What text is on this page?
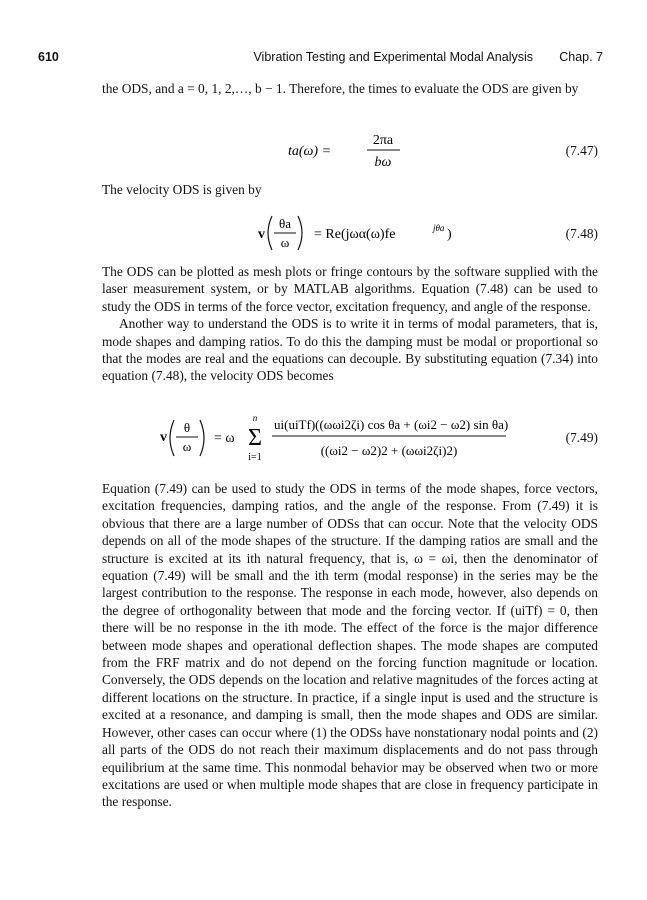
610	Vibration Testing and Experimental Modal Analysis Chap. 7

the ODS, and a = 0, 1, 2,…, b − 1. Therefore, the times to evaluate the ODS are given by

ta(ω) =
2πa
bω
(7.47)

The velocity ODS is given by

v
θa
ω
= Re(jωα(ω)fe	jθa )	(7.48)

The ODS can be plotted as mesh plots or fringe contours by the software supplied with the laser measurement system, or by MATLAB algorithms. Equation (7.48) can be used to study the ODS in terms of the force vector, excitation frequency, and angle of the response.

Another way to understand the ODS is to write it in terms of modal parameters, that is, mode shapes and damping ratios. To do this the damping must be modal or proportional so that the modes are real and the equations can decouple. By substituting equation (7.34) into equation (7.48), the velocity ODS becomes

v
θ
ω
= ω
n
Σ
i=1
ui(uiTf)((ωωi2ζi) cos θa + (ωi2 − ω2) sin θa)
((ωi2 − ω2)2 + (ωωi2ζi)2)
(7.49)

Equation (7.49) can be used to study the ODS in terms of the mode shapes, force vectors, excitation frequencies, damping ratios, and the angle of the response. From (7.49) it is obvious that there are a large number of ODSs that can occur. Note that the velocity ODS depends on all of the mode shapes of the structure. If the damping ratios are small and the structure is excited at its ith natural frequency, that is, ω = ωi, then the denominator of equation (7.49) will be small and the ith term (modal response) in the series may be the largest contribution to the response. The response in each mode, however, also depends on the degree of orthogonality between that mode and the forcing vector. If (uiTf) = 0, then there will be no response in the ith mode. The effect of the force is the major difference between mode shapes and operational deflection shapes. The mode shapes are computed from the FRF matrix and do not depend on the forcing function magnitude or location. Conversely, the ODS depends on the location and relative magnitudes of the forces acting at different locations on the structure. In practice, if a single input is used and the structure is excited at a resonance, and damping is small, then the mode shapes and ODS are similar. However, other cases can occur where (1) the ODSs have nonstationary nodal points and (2) all parts of the ODS do not reach their maximum displacements and do not pass through equilibrium at the same time. This nonmodal behavior may be observed when two or more excitations are used or when multiple mode shapes that are close in frequency participate in the response.
